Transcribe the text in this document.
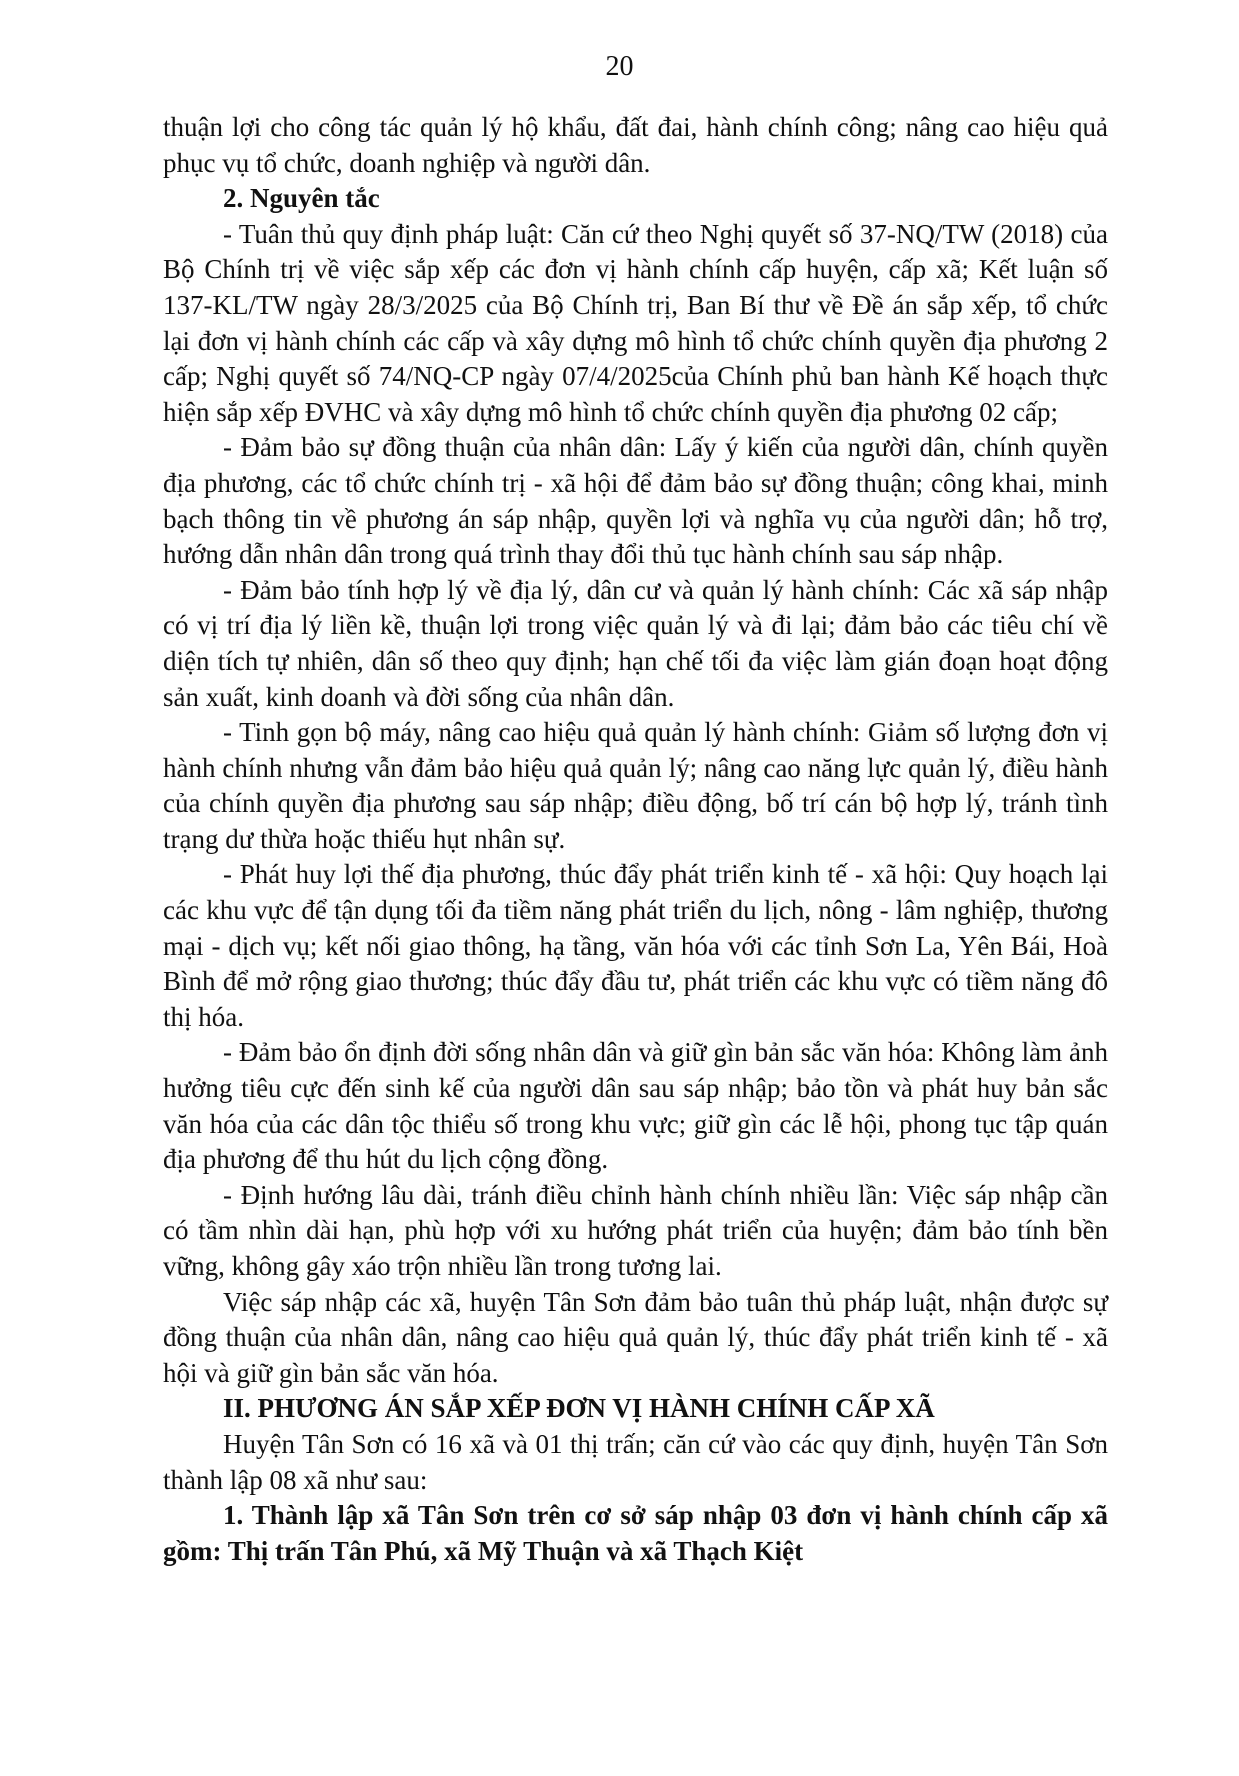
20

thuận lợi cho công tác quản lý hộ khẩu, đất đai, hành chính công; nâng cao hiệu quả phục vụ tổ chức, doanh nghiệp và người dân.

2. Nguyên tắc

- Tuân thủ quy định pháp luật: Căn cứ theo Nghị quyết số 37-NQ/TW (2018) của Bộ Chính trị về việc sắp xếp các đơn vị hành chính cấp huyện, cấp xã; Kết luận số 137-KL/TW ngày 28/3/2025 của Bộ Chính trị, Ban Bí thư về Đề án sắp xếp, tổ chức lại đơn vị hành chính các cấp và xây dựng mô hình tổ chức chính quyền địa phương 2 cấp; Nghị quyết số 74/NQ-CP ngày 07/4/2025của Chính phủ ban hành Kế hoạch thực hiện sắp xếp ĐVHC và xây dựng mô hình tổ chức chính quyền địa phương 02 cấp;

- Đảm bảo sự đồng thuận của nhân dân: Lấy ý kiến của người dân, chính quyền địa phương, các tổ chức chính trị - xã hội để đảm bảo sự đồng thuận; công khai, minh bạch thông tin về phương án sáp nhập, quyền lợi và nghĩa vụ của người dân; hỗ trợ, hướng dẫn nhân dân trong quá trình thay đổi thủ tục hành chính sau sáp nhập.

- Đảm bảo tính hợp lý về địa lý, dân cư và quản lý hành chính: Các xã sáp nhập có vị trí địa lý liền kề, thuận lợi trong việc quản lý và đi lại; đảm bảo các tiêu chí về diện tích tự nhiên, dân số theo quy định; hạn chế tối đa việc làm gián đoạn hoạt động sản xuất, kinh doanh và đời sống của nhân dân.

- Tinh gọn bộ máy, nâng cao hiệu quả quản lý hành chính: Giảm số lượng đơn vị hành chính nhưng vẫn đảm bảo hiệu quả quản lý; nâng cao năng lực quản lý, điều hành của chính quyền địa phương sau sáp nhập; điều động, bố trí cán bộ hợp lý, tránh tình trạng dư thừa hoặc thiếu hụt nhân sự.

- Phát huy lợi thế địa phương, thúc đẩy phát triển kinh tế - xã hội: Quy hoạch lại các khu vực để tận dụng tối đa tiềm năng phát triển du lịch, nông - lâm nghiệp, thương mại - dịch vụ; kết nối giao thông, hạ tầng, văn hóa với các tỉnh Sơn La, Yên Bái, Hoà Bình để mở rộng giao thương; thúc đẩy đầu tư, phát triển các khu vực có tiềm năng đô thị hóa.

- Đảm bảo ổn định đời sống nhân dân và giữ gìn bản sắc văn hóa: Không làm ảnh hưởng tiêu cực đến sinh kế của người dân sau sáp nhập; bảo tồn và phát huy bản sắc văn hóa của các dân tộc thiểu số trong khu vực; giữ gìn các lễ hội, phong tục tập quán địa phương để thu hút du lịch cộng đồng.

- Định hướng lâu dài, tránh điều chỉnh hành chính nhiều lần: Việc sáp nhập cần có tầm nhìn dài hạn, phù hợp với xu hướng phát triển của huyện; đảm bảo tính bền vững, không gây xáo trộn nhiều lần trong tương lai.

Việc sáp nhập các xã, huyện Tân Sơn đảm bảo tuân thủ pháp luật, nhận được sự đồng thuận của nhân dân, nâng cao hiệu quả quản lý, thúc đẩy phát triển kinh tế - xã hội và giữ gìn bản sắc văn hóa.

II. PHƯƠNG ÁN SẮP XẾP ĐƠN VỊ HÀNH CHÍNH CẤP XÃ

Huyện Tân Sơn có 16 xã và 01 thị trấn; căn cứ vào các quy định, huyện Tân Sơn thành lập 08 xã như sau:

1. Thành lập xã Tân Sơn trên cơ sở sáp nhập 03 đơn vị hành chính cấp xã gồm: Thị trấn Tân Phú, xã Mỹ Thuận và xã Thạch Kiệt
